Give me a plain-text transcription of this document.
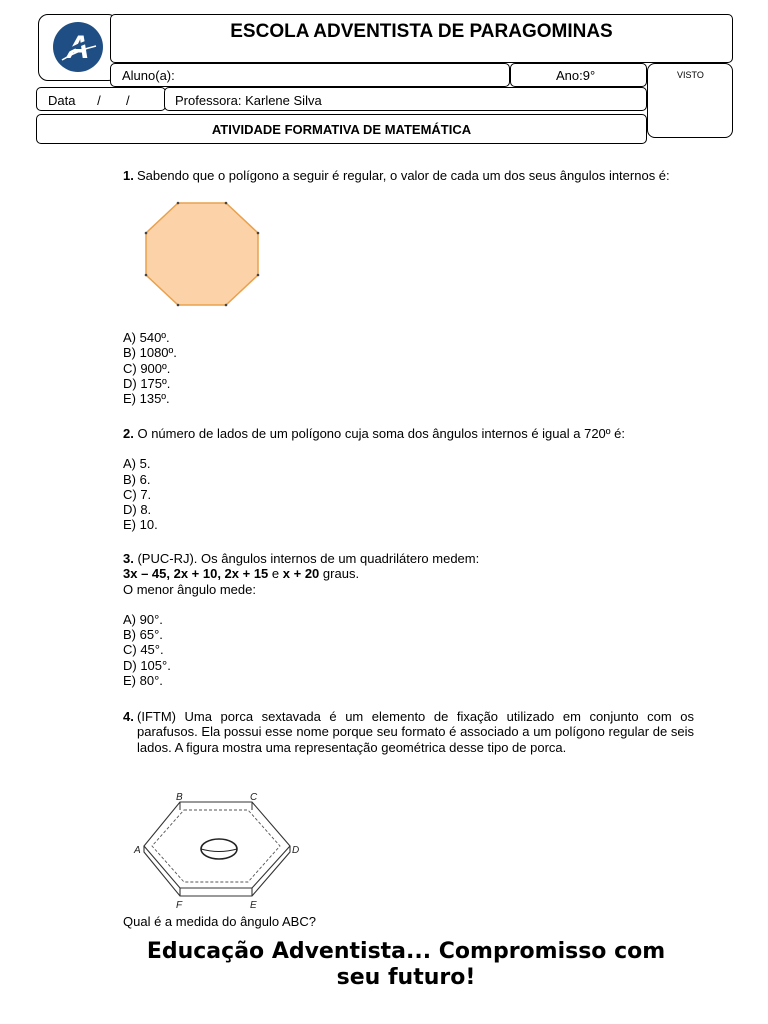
A	ESCOLA ADVENTISTA DE PARAGOMINAS
Aluno(a):	Ano:9°	VISTO
Data      /       /	Professora: Karlene Silva
ATIVIDADE FORMATIVA DE MATEMÁTICA
1. Sabendo que o polígono a seguir é regular, o valor de cada um dos seus ângulos internos é:
A) 540º.
B) 1080º.
C) 900º.
D) 175º.
E) 135º.

2. O número de lados de um polígono cuja soma dos ângulos internos é igual a 720º é:

A) 5.
B) 6.
C) 7.
D) 8.
E) 10.

3. (PUC-RJ). Os ângulos internos de um quadrilátero medem:

3x – 45, 2x + 10, 2x + 15 e x + 20 graus.

O menor ângulo mede:

A) 90°.
B) 65°.
C) 45°.
D) 105°.
E) 80°.
4. (IFTM) Uma porca sextavada é um elemento de fixação utilizado em conjunto com os parafusos. Ela possui esse nome porque seu formato é associado a um polígono regular de seis lados. A figura mostra uma representação geométrica desse tipo de porca.
A
B	C
D
E
F

Qual é a medida do ângulo ABC?

Educação Adventista... Compromisso com
seu futuro!
